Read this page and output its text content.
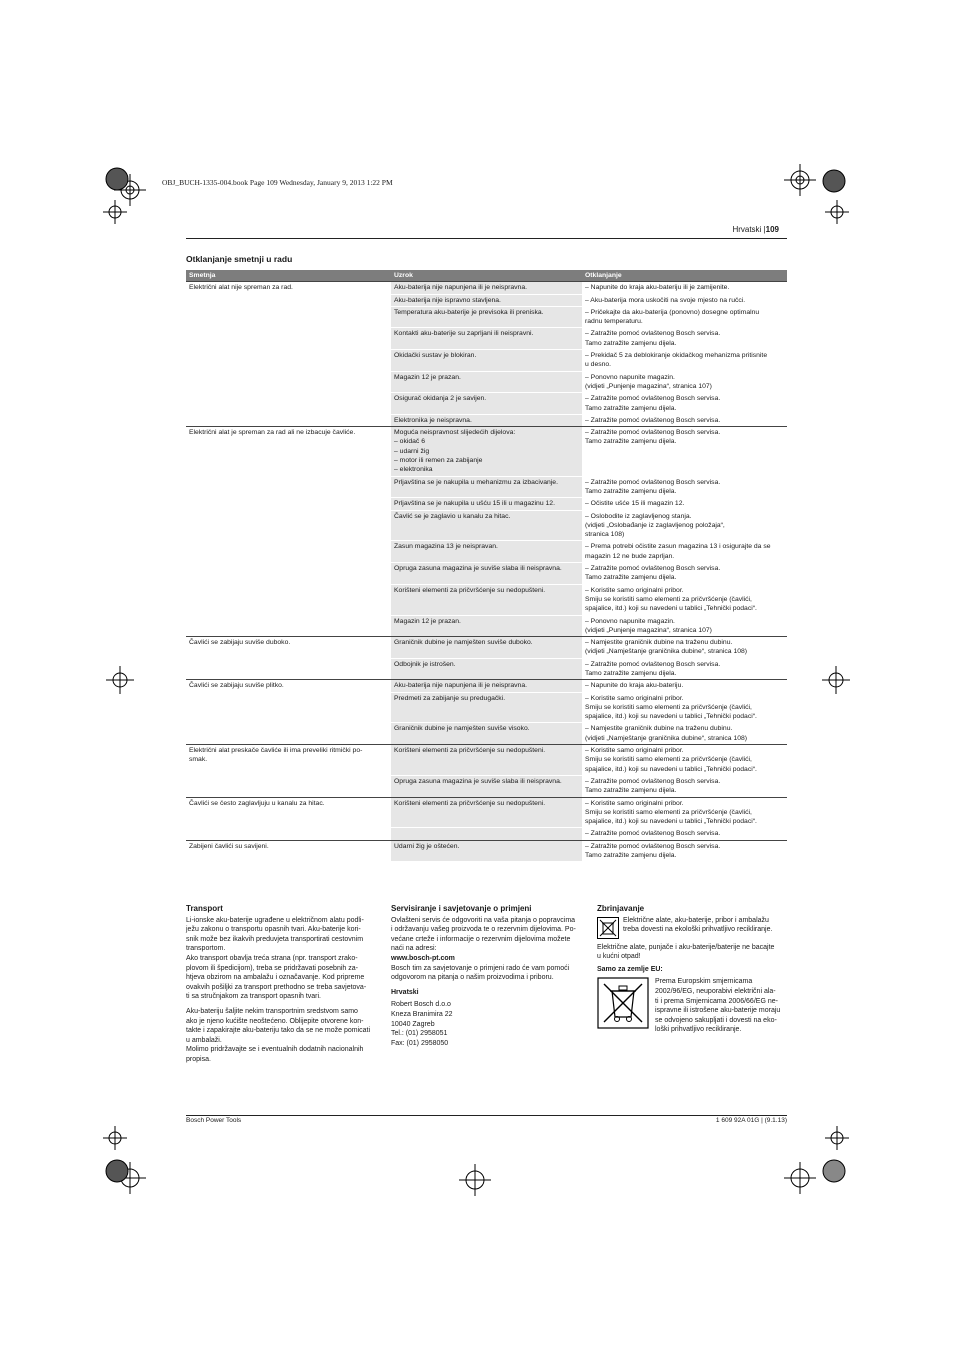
OBJ_BUCH-1335-004.book Page 109 Wednesday, January 9, 2013 1:22 PM
Hrvatski |109
Otklanjanje smetnji u radu
Smetnja	Uzrok	Otklanjanje
Električni alat nije spreman za rad.	Aku-baterija nije napunjena ili je neispravna.	– Napunite do kraja aku-bateriju ili je zamijenite.
	Aku-baterija nije ispravno stavljena.	– Aku-baterija mora uskočiti na svoje mjesto na ručci.
	Temperatura aku-baterije je previsoka ili preniska.	– Pričekajte da aku-baterija (ponovno) dosegne optimalnu
radnu temperaturu.
	Kontakti aku-baterije su zaprljani ili neispravni.	– Zatražite pomoć ovlaštenog Bosch servisa.
Tamo zatražite zamjenu dijela.
	Okidački sustav je blokiran.	– Prekidač 5 za deblokiranje okidačkog mehanizma pritisnite
u desno.
	Magazin 12 je prazan.	– Ponovno napunite magazin.
(vidjeti „Punjenje magazina“, stranica 107)
	Osigurač okidanja 2 je savijen.	– Zatražite pomoć ovlaštenog Bosch servisa.
Tamo zatražite zamjenu dijela.
	Elektronika je neispravna.	– Zatražite pomoć ovlaštenog Bosch servisa.
Električni alat je spreman za rad ali ne izbacuje čavliće.	Moguća neispravnost slijedećih dijelova:
– okidač 6
– udarni žig
– motor ili remen za zabijanje
– elektronika	– Zatražite pomoć ovlaštenog Bosch servisa.
Tamo zatražite zamjenu dijela.
	Prljavština se je nakupila u mehanizmu za izbacivanje.	– Zatražite pomoć ovlaštenog Bosch servisa.
Tamo zatražite zamjenu dijela.
	Prljavština se je nakupila u ušću 15 ili u magazinu 12.	– Očistite ušće 15 ili magazin 12.
	Čavlić se je zaglavio u kanalu za hitac.	– Oslobodite iz zaglavljenog stanja.
(vidjeti „Oslobađanje iz zaglavljenog položaja“,
stranica 108)
	Zasun magazina 13 je neispravan.	– Prema potrebi očistite zasun magazina 13 i osigurajte da se
magazin 12 ne bude zaprljan.
	Opruga zasuna magazina je suviše slaba ili neispravna.	– Zatražite pomoć ovlaštenog Bosch servisa.
Tamo zatražite zamjenu dijela.
	Korišteni elementi za pričvršćenje su nedopušteni.	– Koristite samo originalni pribor.
Smiju se koristiti samo elementi za pričvršćenje (čavlići,
spajalice, itd.) koji su navedeni u tablici „Tehnički podaci“.
	Magazin 12 je prazan.	– Ponovno napunite magazin.
(vidjeti „Punjenje magazina“, stranica 107)
Čavlići se zabijaju suviše duboko.	Graničnik dubine je namješten suviše duboko.	– Namjestite graničnik dubine na traženu dubinu.
(vidjeti „Namještanje graničnika dubine“, stranica 108)
	Odbojnik je istrošen.	– Zatražite pomoć ovlaštenog Bosch servisa.
Tamo zatražite zamjenu dijela.
Čavlići se zabijaju suviše plitko.	Aku-baterija nije napunjena ili je neispravna.	– Napunite do kraja aku-bateriju.
	Predmeti za zabijanje su predugački.	– Koristite samo originalni pribor.
Smiju se koristiti samo elementi za pričvršćenje (čavlići,
spajalice, itd.) koji su navedeni u tablici „Tehnički podaci“.
	Graničnik dubine je namješten suviše visoko.	– Namjestite graničnik dubine na traženu dubinu.
(vidjeti „Namještanje graničnika dubine“, stranica 108)
Električni alat preskače čavliće ili ima preveliki ritmički po-
smak.	Korišteni elementi za pričvršćenje su nedopušteni.	– Koristite samo originalni pribor.
Smiju se koristiti samo elementi za pričvršćenje (čavlići,
spajalice, itd.) koji su navedeni u tablici „Tehnički podaci“.
	Opruga zasuna magazina je suviše slaba ili neispravna.	– Zatražite pomoć ovlaštenog Bosch servisa.
Tamo zatražite zamjenu dijela.
Čavlići se često zaglavljuju u kanalu za hitac.	Korišteni elementi za pričvršćenje su nedopušteni.	– Koristite samo originalni pribor.
Smiju se koristiti samo elementi za pričvršćenje (čavlići,
spajalice, itd.) koji su navedeni u tablici „Tehnički podaci“.
		– Zatražite pomoć ovlaštenog Bosch servisa.
Zabijeni čavlići su savijeni.	Udarni žig je oštećen.	– Zatražite pomoć ovlaštenog Bosch servisa.
Tamo zatražite zamjenu dijela.
Transport
Li-ionske aku-baterije ugrađene u električnom alatu podli-
ježu zakonu o transportu opasnih tvari. Aku-baterije kori-
snik može bez ikakvih preduvjeta transportirati cestovnim
transportom.
Ako transport obavlja treća strana (npr. transport zrako-
plovom ili špedicijom), treba se pridržavati posebnih za-
htjeva obzirom na ambalažu i označavanje. Kod pripreme
ovakvih pošiljki za transport prethodno se treba savjetova-
ti sa stručnjakom za transport opasnih tvari.
Aku-bateriju šaljite nekim transportnim sredstvom samo
ako je njeno kućište neoštećeno. Oblijepite otvorene kon-
takte i zapakirajte aku-bateriju tako da se ne može pomicati
u ambalaži.
Molimo pridržavajte se i eventualnih dodatnih nacionalnih
propisa.
Servisiranje i savjetovanje o primjeni
Ovlašteni servis će odgovoriti na vaša pitanja o popravcima
i održavanju vašeg proizvoda te o rezervnim dijelovima. Po-
većane crteže i informacije o rezervnim dijelovima možete
naći na adresi:
www.bosch-pt.com
Bosch tim za savjetovanje o primjeni rado će vam pomoći
odgovorom na pitanja o našim proizvodima i priboru.
Hrvatski
Robert Bosch d.o.o
Kneza Branimira 22
10040 Zagreb
Tel.: (01) 2958051
Fax: (01) 2958050
Zbrinjavanje
Električne alate, aku-baterije, pribor i ambalažu
treba dovesti na ekološki prihvatljivo recikliranje.
Električne alate, punjače i aku-baterije/baterije ne bacajte
u kućni otpad!
Samo za zemlje EU:
Prema Europskim smjernicama
2002/96/EG, neuporabivi električni ala-
ti i prema Smjernicama 2006/66/EG ne-
ispravne ili istrošene aku-baterije moraju
se odvojeno sakupljati i dovesti na eko-
loški prihvatljivo recikliranje.
Bosch Power Tools	1 609 92A 01G | (9.1.13)
